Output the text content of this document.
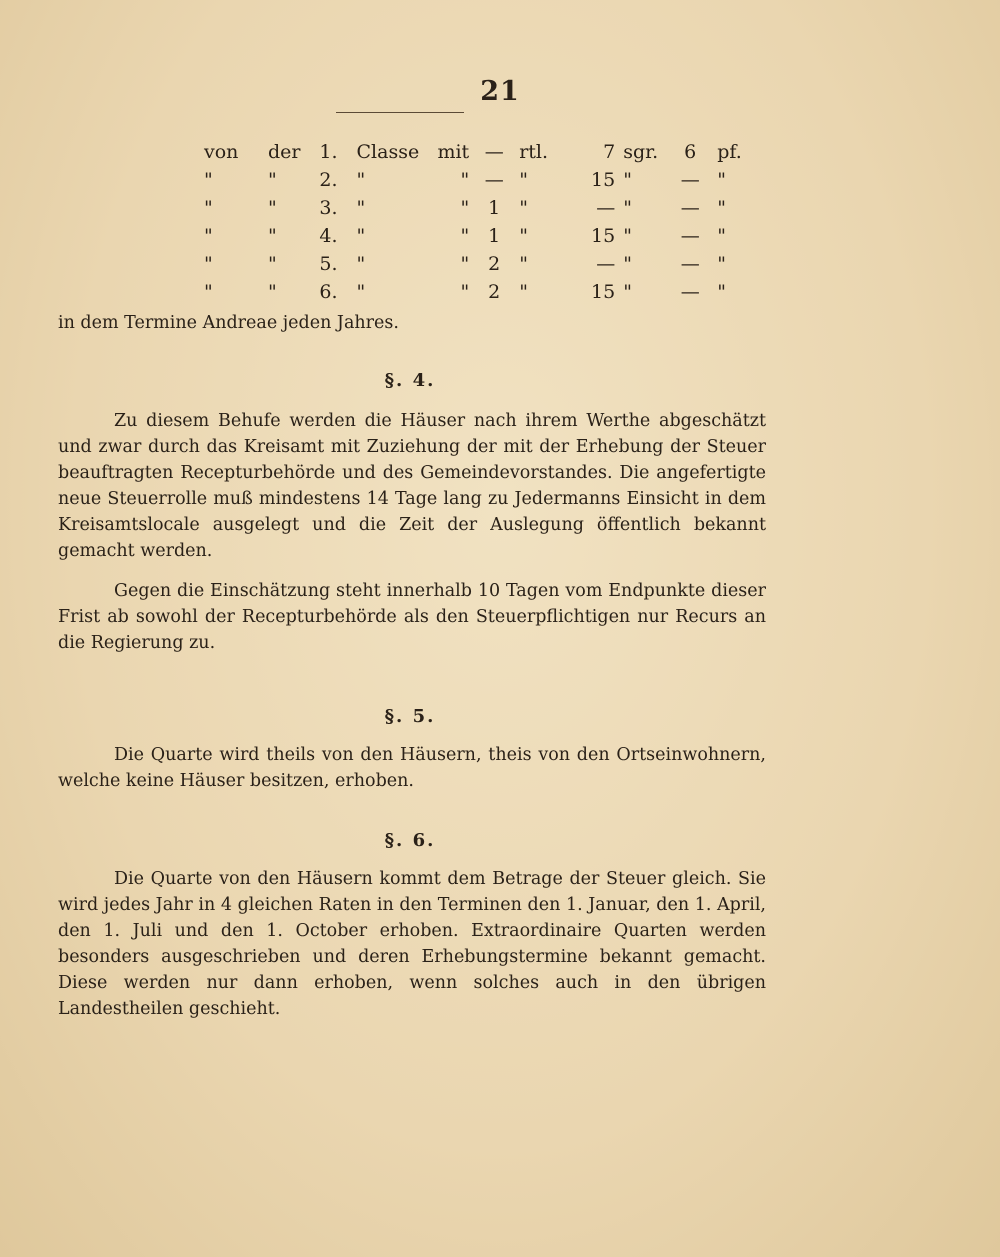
21
von	der	1.	Classe	mit	—	rtl.	7	sgr.	6	pf.
"	"	2.	"	"	—	"	15	"	—	"
"	"	3.	"	"	1	"	—	"	—	"
"	"	4.	"	"	1	"	15	"	—	"
"	"	5.	"	"	2	"	—	"	—	"
"	"	6.	"	"	2	"	15	"	—	"
in dem Termine Andreae jeden Jahres.
§. 4.

Zu diesem Behufe werden die Häuser nach ihrem Werthe abgeschätzt und zwar durch das Kreisamt mit Zuziehung der mit der Erhebung der Steuer beauftragten Recepturbehörde und des Gemeindevorstandes. Die angefertigte neue Steuerrolle muß mindestens 14 Tage lang zu Jedermanns Einsicht in dem Kreisamtslocale ausgelegt und die Zeit der Auslegung öffentlich bekannt gemacht werden.

Gegen die Einschätzung steht innerhalb 10 Tagen vom Endpunkte dieser Frist ab sowohl der Recepturbehörde als den Steuerpflichtigen nur Recurs an die Regierung zu.

§. 5.

Die Quarte wird theils von den Häusern, theis von den Ortseinwohnern, welche keine Häuser besitzen, erhoben.

§. 6.

Die Quarte von den Häusern kommt dem Betrage der Steuer gleich. Sie wird jedes Jahr in 4 gleichen Raten in den Terminen den 1. Januar, den 1. April, den 1. Juli und den 1. October erhoben. Extraordinaire Quarten werden besonders ausgeschrieben und deren Erhebungstermine bekannt gemacht. Diese werden nur dann erhoben, wenn solches auch in den übrigen Landestheilen geschieht.
